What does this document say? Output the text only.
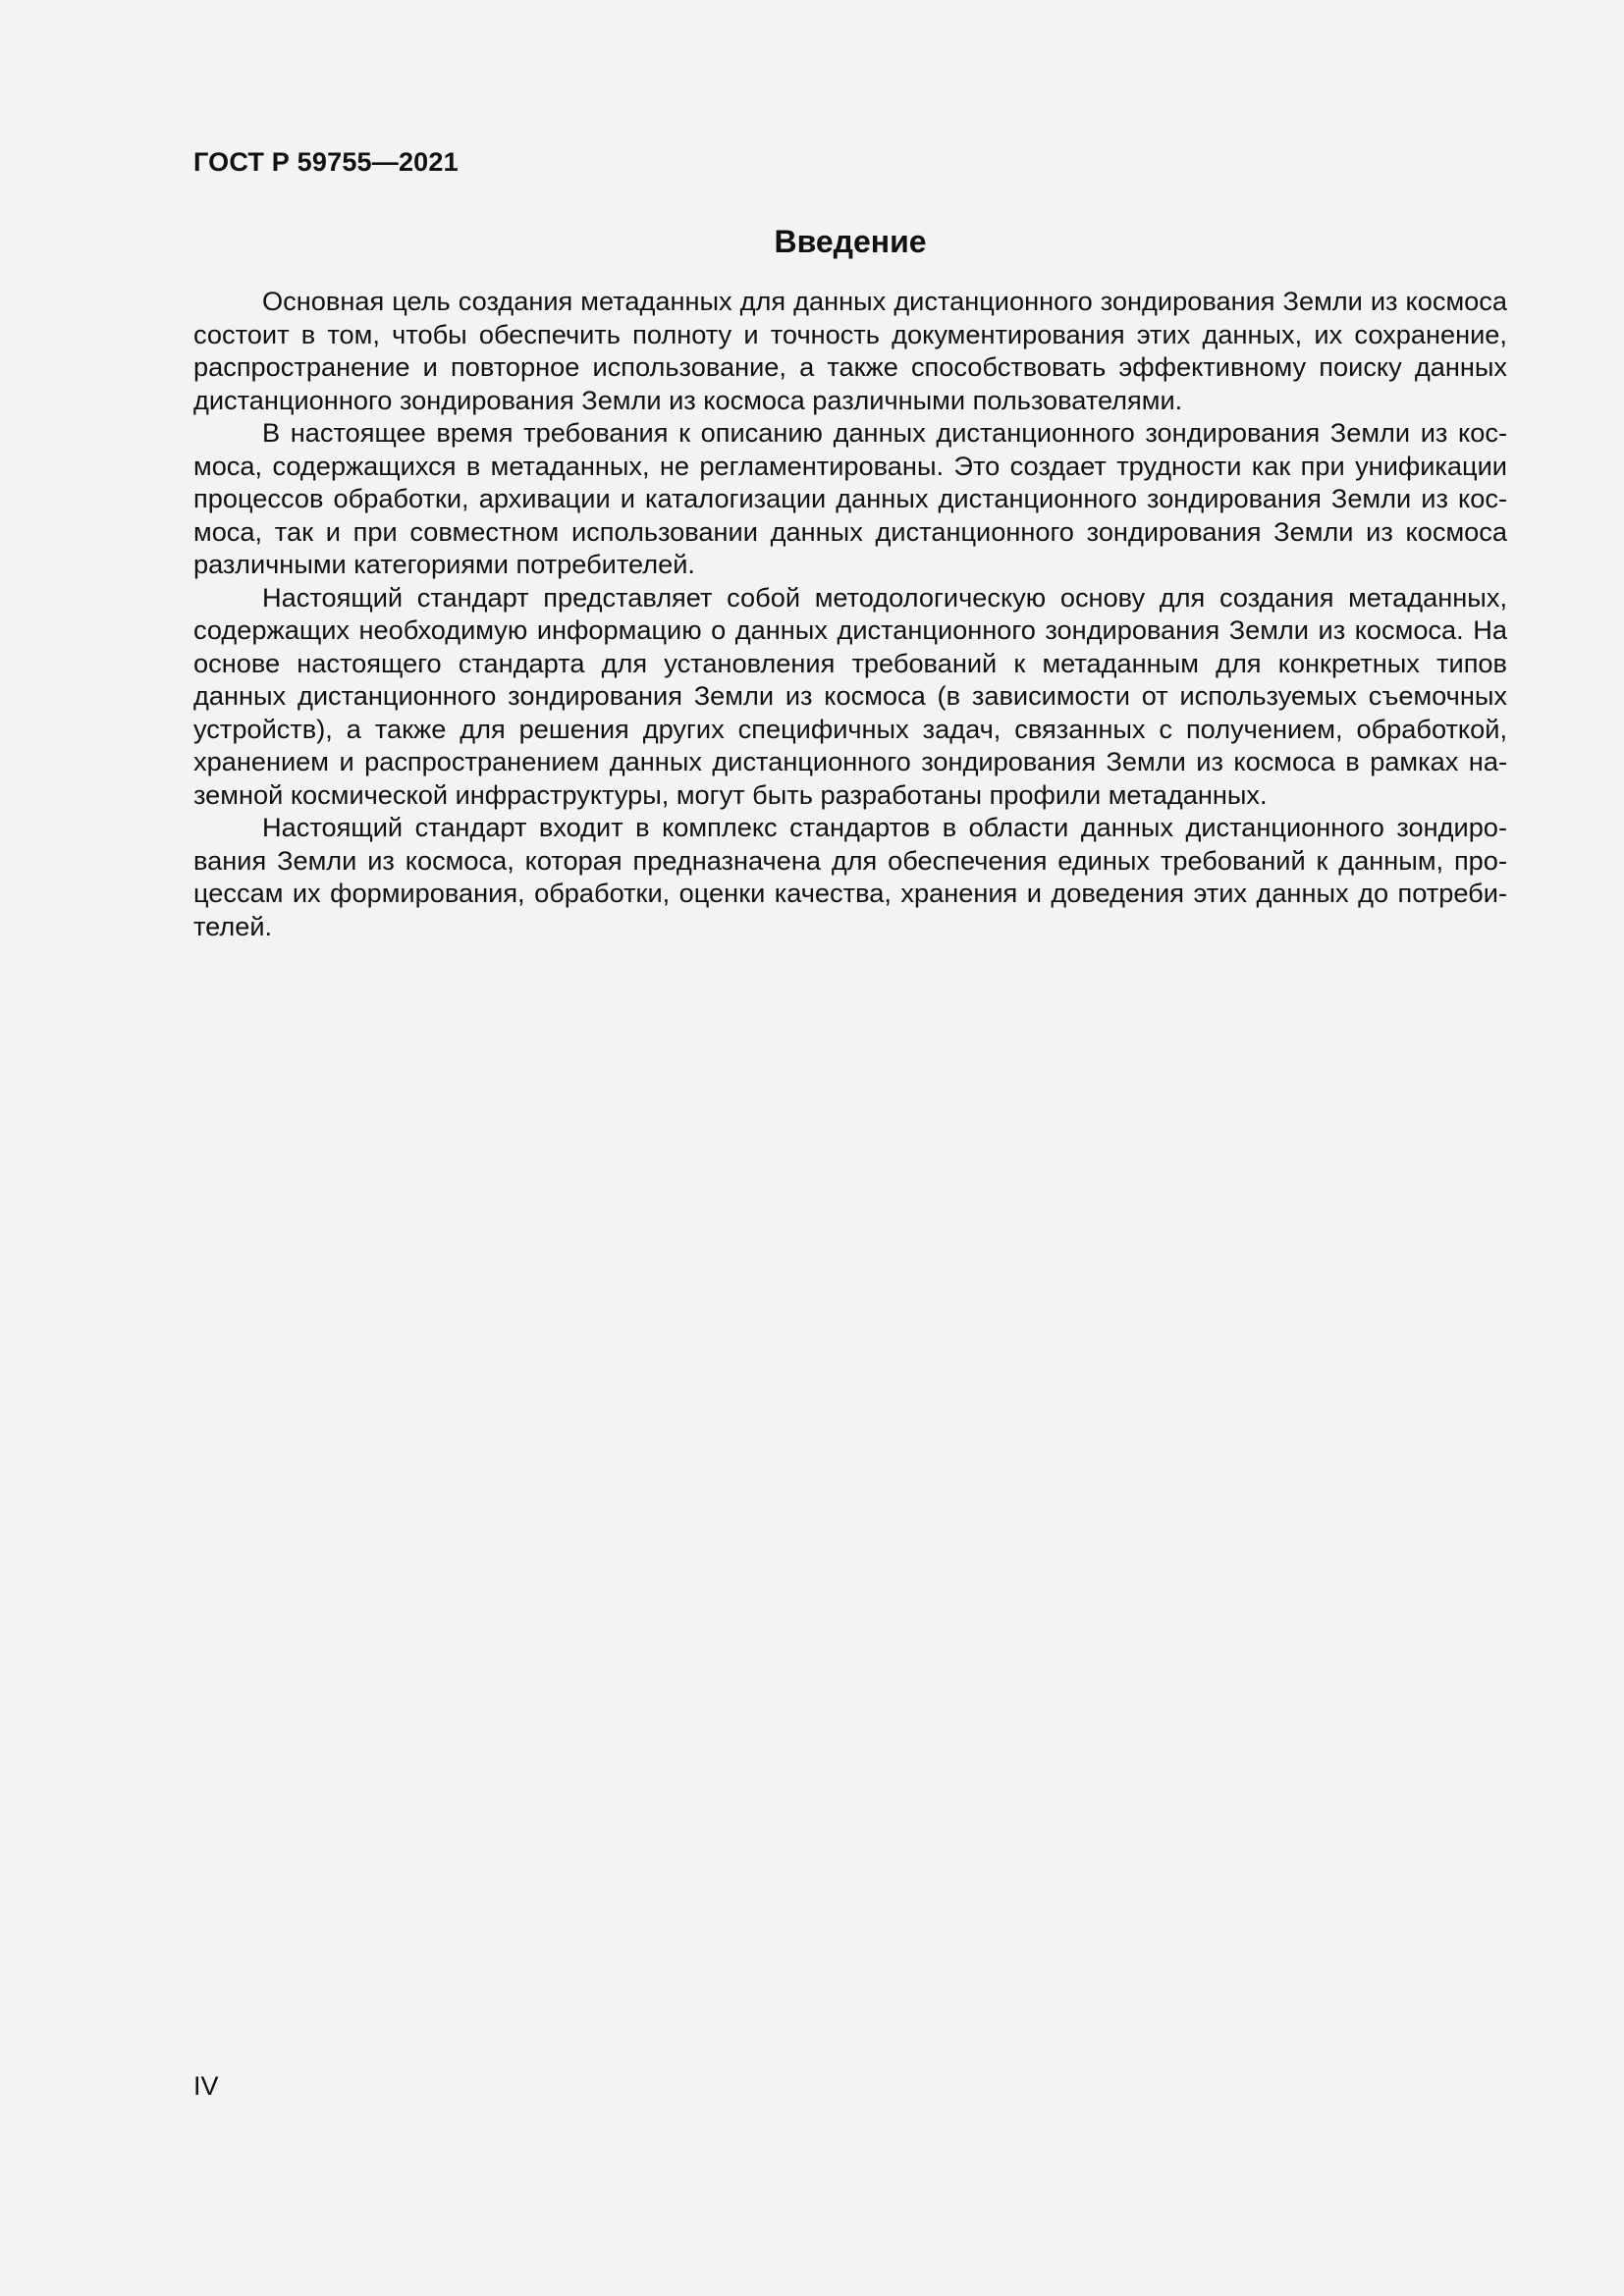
ГОСТ Р 59755—2021
Введение

Основная цель создания метаданных для данных дистанционного зондирования Земли из космоса состоит в том, чтобы обеспечить полноту и точность документирования этих данных, их сохранение, распространение и повторное использование, а также способствовать эффективному поиску данных дистанционного зондирования Земли из космоса различными пользователями.

В настоящее время требования к описанию данных дистанционного зондирования Земли из космоса, содержащихся в метаданных, не регламентированы. Это создает трудности как при унификации процессов обработки, архивации и каталогизации данных дистанционного зондирования Земли из космоса, так и при совместном использовании данных дистанционного зондирования Земли из космоса различными категориями потребителей.

Настоящий стандарт представляет собой методологическую основу для создания метаданных, содержащих необходимую информацию о данных дистанционного зондирования Земли из космоса. На основе настоящего стандарта для установления требований к метаданным для конкретных типов данных дистанционного зондирования Земли из космоса (в зависимости от используемых съемочных устройств), а также для решения других специфичных задач, связанных с получением, обработкой, хранением и распространением данных дистанционного зондирования Земли из космоса в рамках наземной космической инфраструктуры, могут быть разработаны профили метаданных.

Настоящий стандарт входит в комплекс стандартов в области данных дистанционного зондирования Земли из космоса, которая предназначена для обеспечения единых требований к данным, процессам их формирования, обработки, оценки качества, хранения и доведения этих данных до потребителей.

IV
